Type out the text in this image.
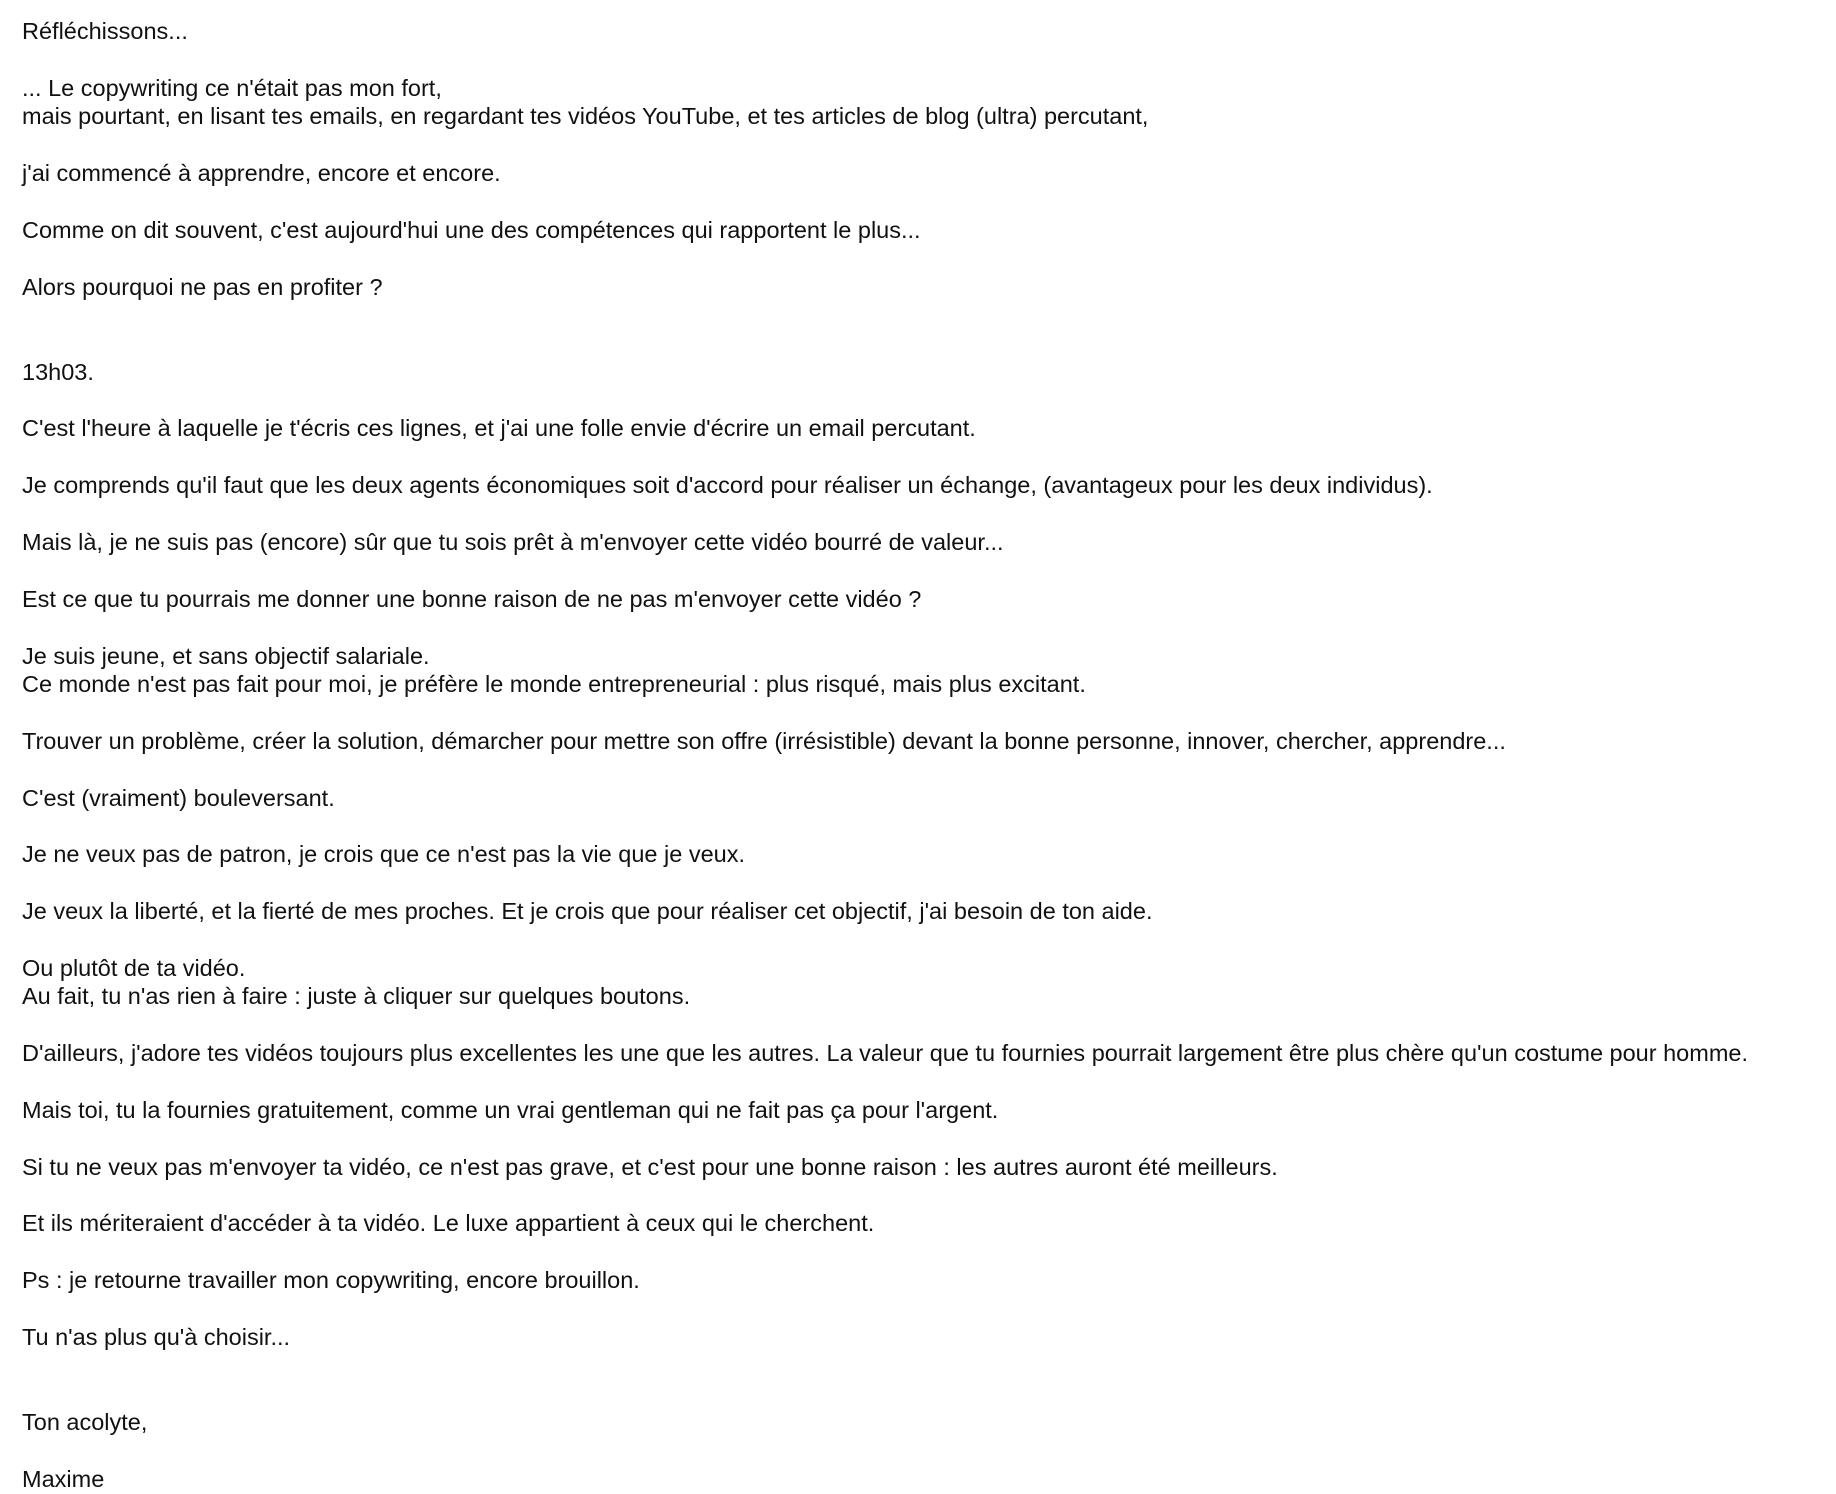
Réfléchissons...
... Le copywriting ce n'était pas mon fort,
mais pourtant, en lisant tes emails, en regardant tes vidéos YouTube, et tes articles de blog (ultra) percutant,
j'ai commencé à apprendre, encore et encore.
Comme on dit souvent, c'est aujourd'hui une des compétences qui rapportent le plus...
Alors pourquoi ne pas en profiter ?
13h03.
C'est l'heure à laquelle je t'écris ces lignes, et j'ai une folle envie d'écrire un email percutant.
Je comprends qu'il faut que les deux agents économiques soit d'accord pour réaliser un échange, (avantageux pour les deux individus).
Mais là, je ne suis pas (encore) sûr que tu sois prêt à m'envoyer cette vidéo bourré de valeur...
Est ce que tu pourrais me donner une bonne raison de ne pas m'envoyer cette vidéo ?
Je suis jeune, et sans objectif salariale.
Ce monde n'est pas fait pour moi, je préfère le monde entrepreneurial : plus risqué, mais plus excitant.
Trouver un problème, créer la solution, démarcher pour mettre son offre (irrésistible) devant la bonne personne, innover, chercher, apprendre...
C'est (vraiment) bouleversant.
Je ne veux pas de patron, je crois que ce n'est pas la vie que je veux.
Je veux la liberté, et la fierté de mes proches. Et je crois que pour réaliser cet objectif, j'ai besoin de ton aide.
Ou plutôt de ta vidéo.
Au fait, tu n'as rien à faire : juste à cliquer sur quelques boutons.
D'ailleurs, j'adore tes vidéos toujours plus excellentes les une que les autres. La valeur que tu fournies pourrait largement être plus chère qu'un costume pour homme.
Mais toi, tu la fournies gratuitement, comme un vrai gentleman qui ne fait pas ça pour l'argent.
Si tu ne veux pas m'envoyer ta vidéo, ce n'est pas grave, et c'est pour une bonne raison : les autres auront été meilleurs.
Et ils mériteraient d'accéder à ta vidéo. Le luxe appartient à ceux qui le cherchent.
Ps : je retourne travailler mon copywriting, encore brouillon.
Tu n'as plus qu'à choisir...
Ton acolyte,
Maxime
